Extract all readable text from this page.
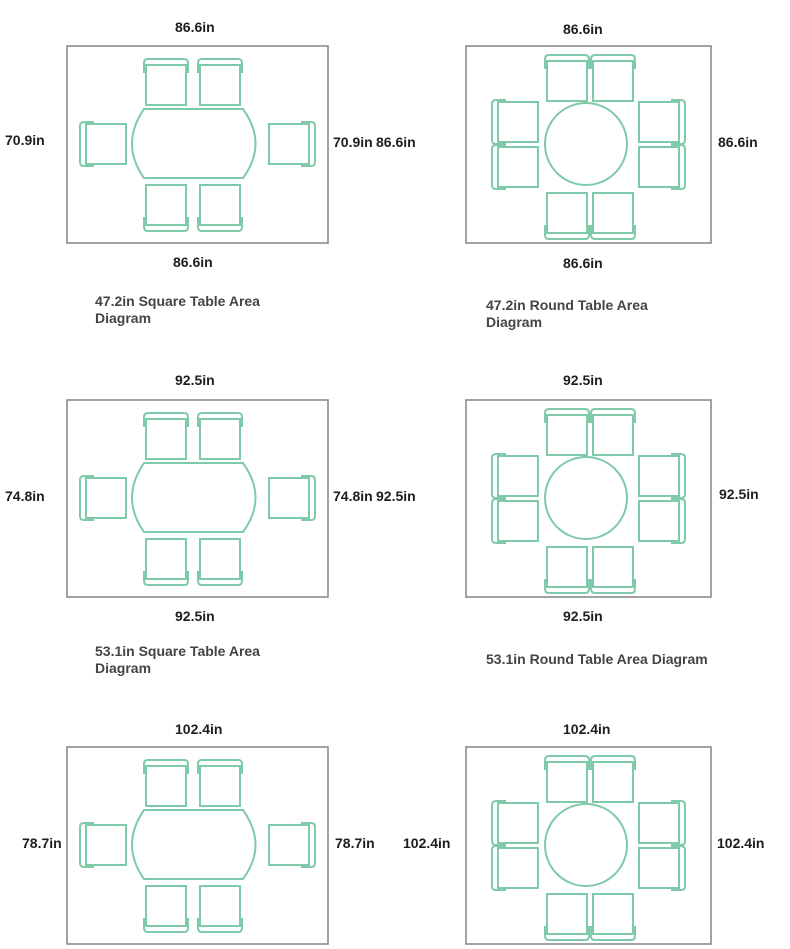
86.6in
70.9in	70.9in
86.6in
47.2in Square Table Area Diagram
86.6in
86.6in	86.6in
86.6in
47.2in Round Table Area Diagram
92.5in
74.8in	74.8in
92.5in
53.1in Square Table Area Diagram
92.5in
92.5in	92.5in
92.5in
53.1in Round Table Area Diagram
102.4in
78.7in	78.7in
102.4in
102.4in	102.4in
